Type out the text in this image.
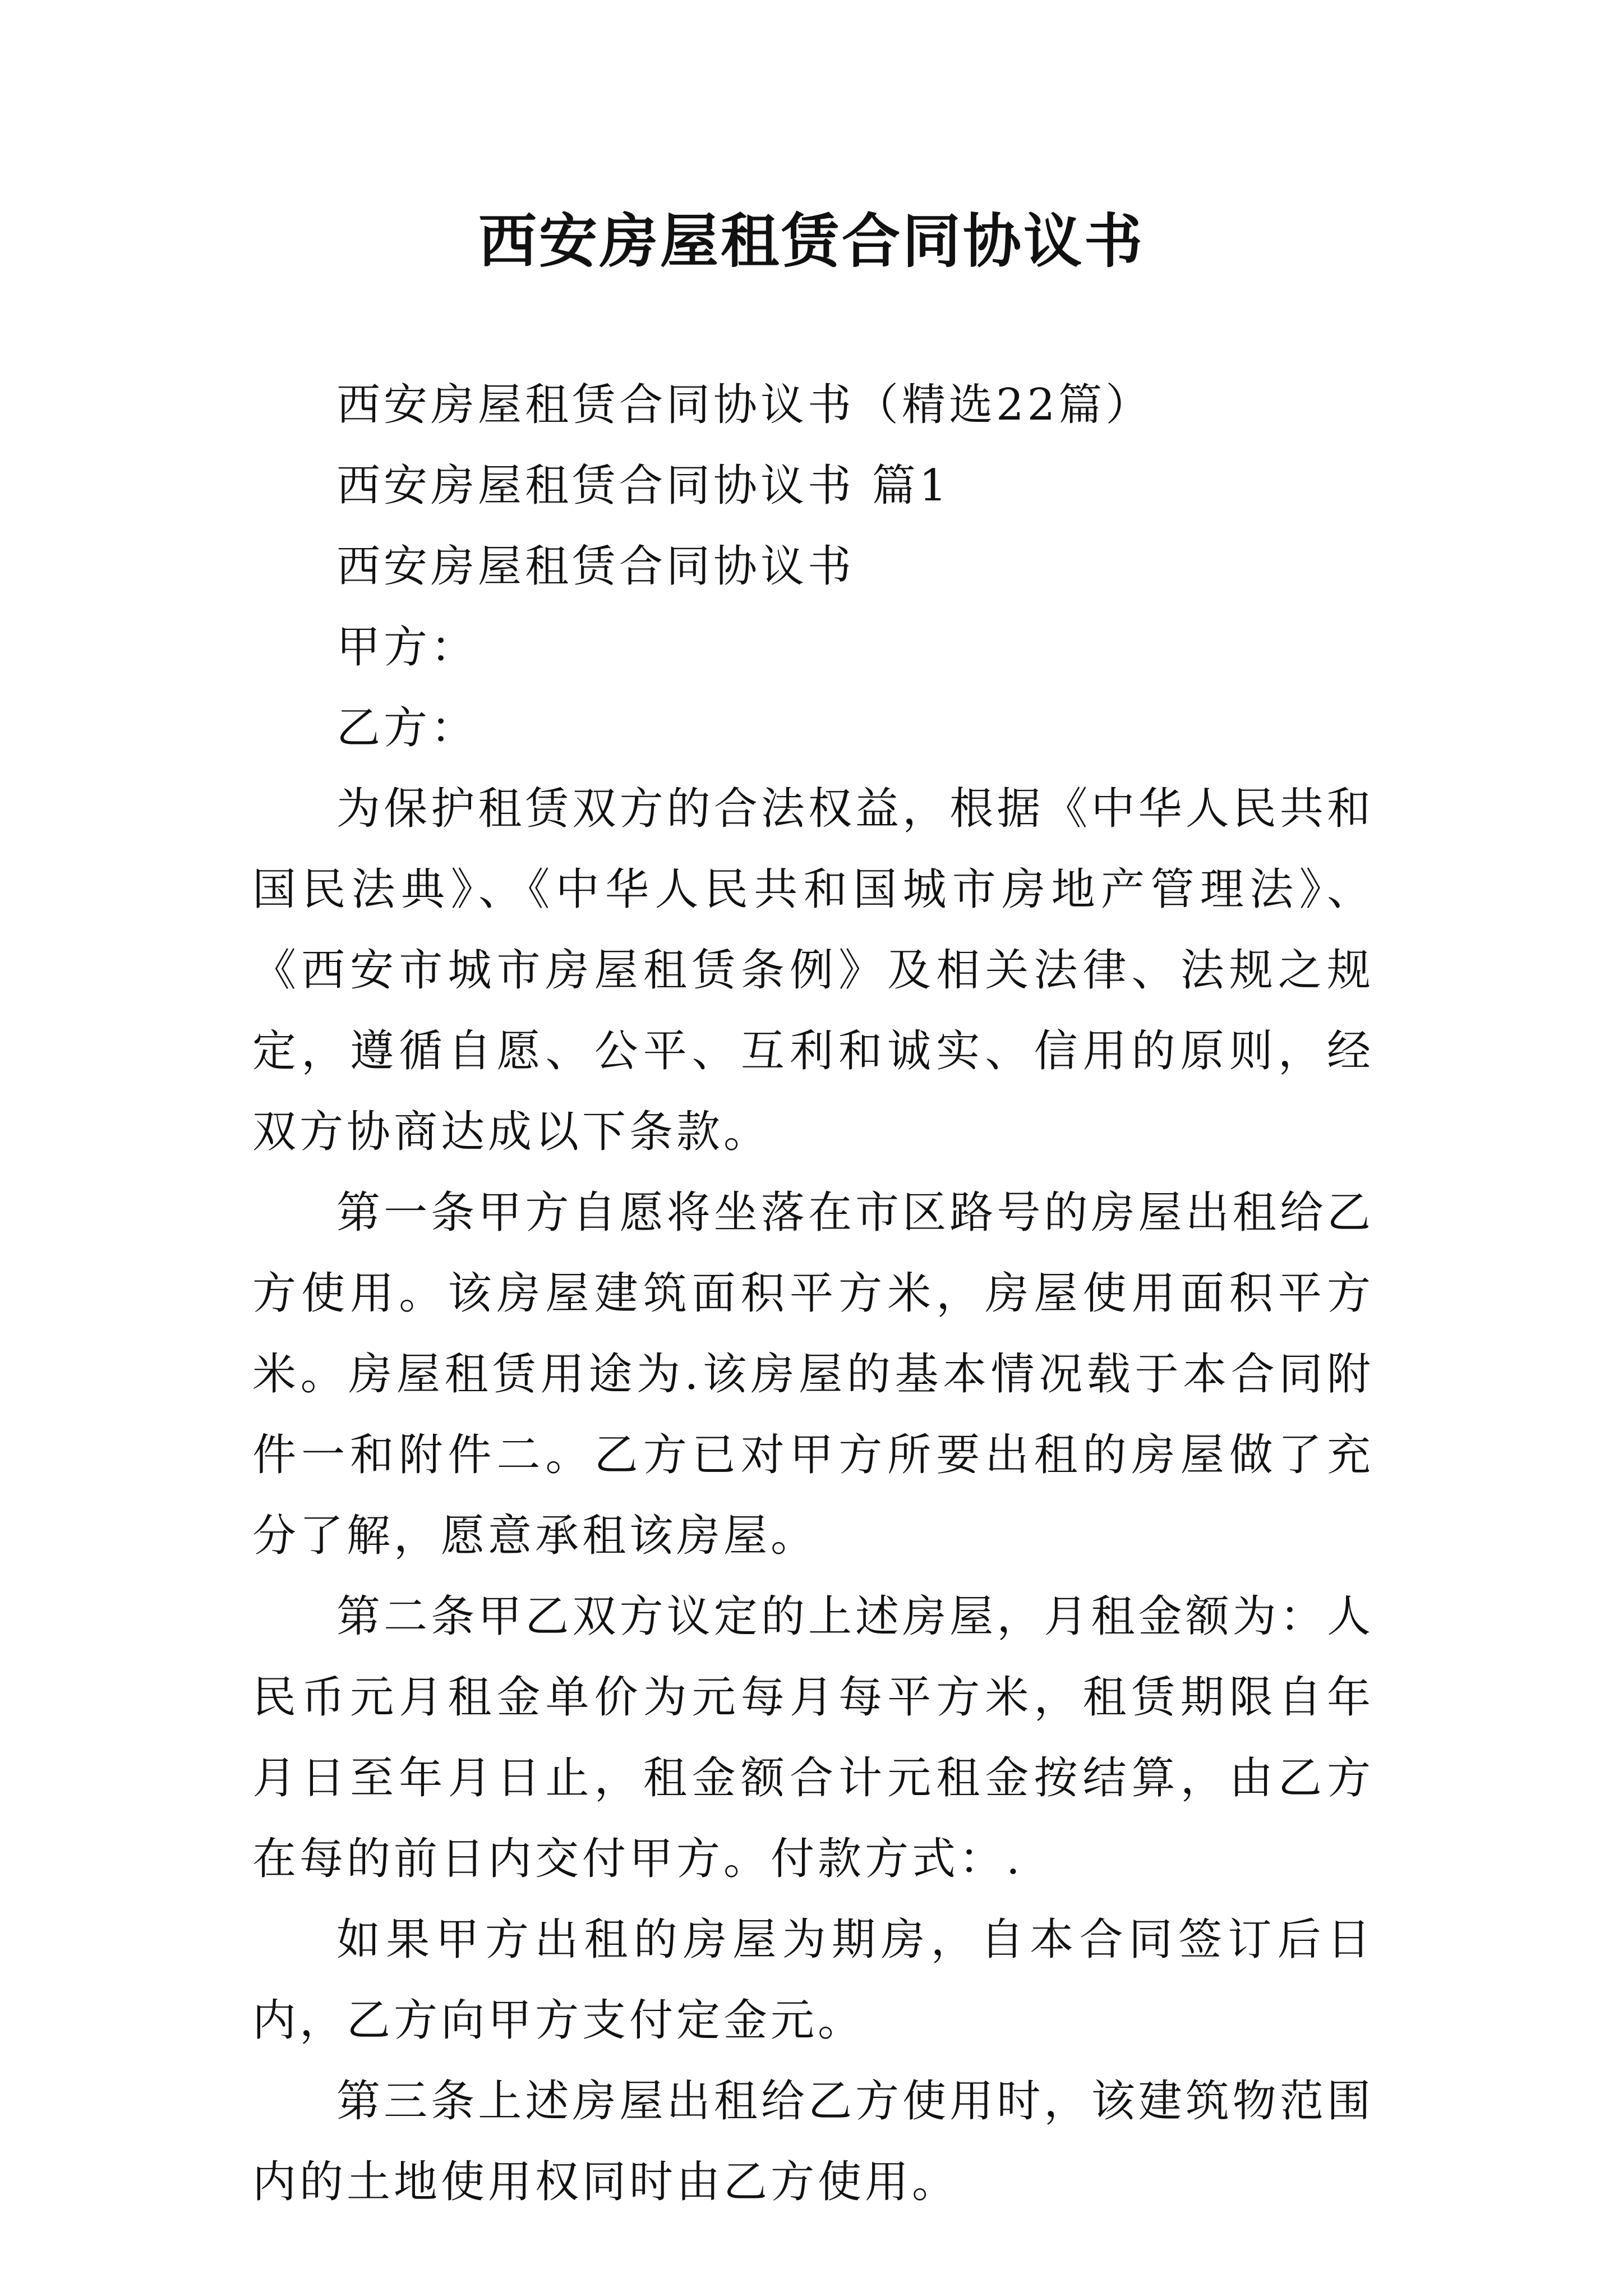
西安房屋租赁合同协议书

西安房屋租赁合同协议书（精选22篇）

西安房屋租赁合同协议书 篇1

西安房屋租赁合同协议书

甲方：

乙方：

为保护租赁双方的合法权益，根据《中华人民共和国民法典》、《中华人民共和国城市房地产管理法》、《西安市城市房屋租赁条例》及相关法律、法规之规定，遵循自愿、公平、互利和诚实、信用的原则，经双方协商达成以下条款。

第一条甲方自愿将坐落在市区路号的房屋出租给乙方使用。该房屋建筑面积平方米，房屋使用面积平方米。房屋租赁用途为.该房屋的基本情况载于本合同附件一和附件二。乙方已对甲方所要出租的房屋做了充分了解，愿意承租该房屋。

第二条甲乙双方议定的上述房屋，月租金额为：人民币元月租金单价为元每月每平方米，租赁期限自年月日至年月日止，租金额合计元租金按结算，由乙方在每的前日内交付甲方。付款方式：.

如果甲方出租的房屋为期房，自本合同签订后日内，乙方向甲方支付定金元。

第三条上述房屋出租给乙方使用时，该建筑物范围内的土地使用权同时由乙方使用。
